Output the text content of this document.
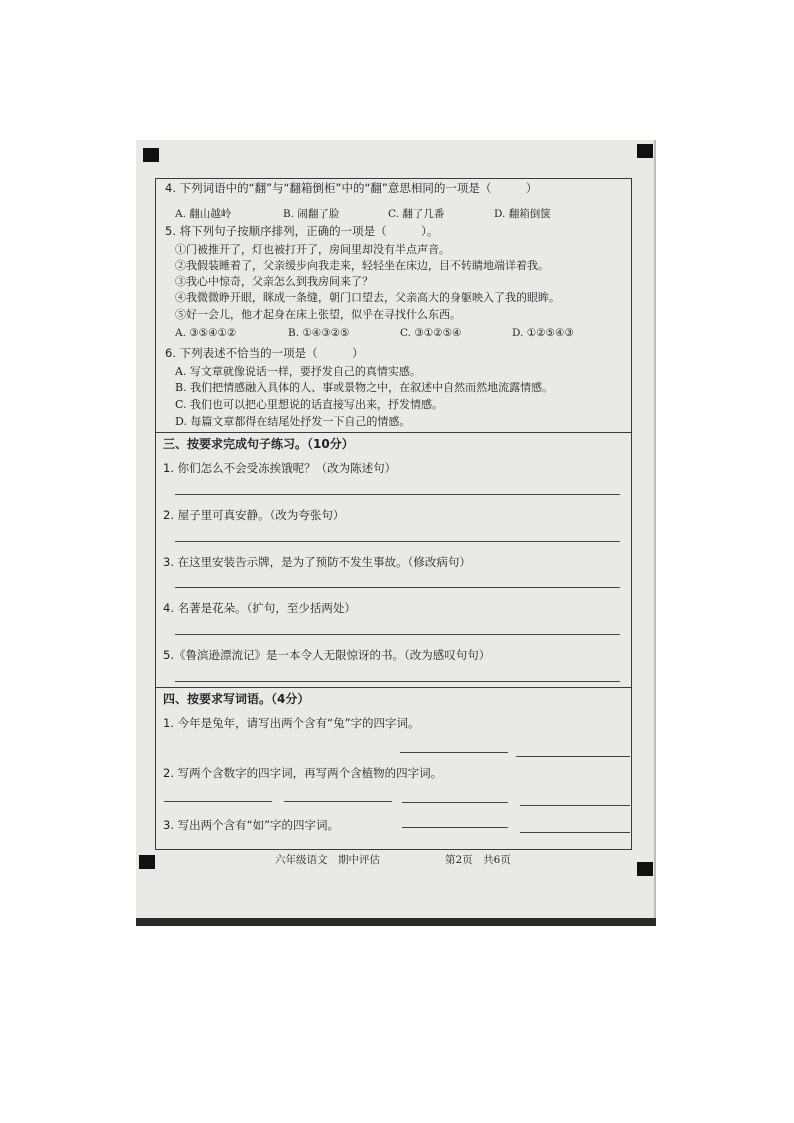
4. 下列词语中的“翻”与“翻箱倒柜”中的“翻”意思相同的一项是（　　　）
A. 翻山越岭	B. 闹翻了脸	C. 翻了几番	D. 翻箱倒箧
5. 将下列句子按顺序排列，正确的一项是（　　　）。
①门被推开了，灯也被打开了，房间里却没有半点声音。
②我假装睡着了，父亲缓步向我走来，轻轻坐在床边，目不转睛地端详着我。
③我心中惊奇，父亲怎么到我房间来了？
④我微微睁开眼，眯成一条缝，朝门口望去，父亲高大的身躯映入了我的眼眸。
⑤好一会儿，他才起身在床上张望，似乎在寻找什么东西。
A. ③⑤④①②	B. ①④③②⑤	C. ③①②⑤④	D. ①②⑤④③
6. 下列表述不恰当的一项是（　　　）
A. 写文章就像说话一样，要抒发自己的真情实感。
B. 我们把情感融入具体的人、事或景物之中，在叙述中自然而然地流露情感。
C. 我们也可以把心里想说的话直接写出来，抒发情感。
D. 每篇文章都得在结尾处抒发一下自己的情感。
三、按要求完成句子练习。（10分）
1. 你们怎么不会受冻挨饿呢？（改为陈述句）
2. 屋子里可真安静。（改为夸张句）
3. 在这里安装告示牌，是为了预防不发生事故。（修改病句）
4. 名著是花朵。（扩句，至少括两处）
5.《鲁滨逊漂流记》是一本令人无限惊讶的书。（改为感叹句句）
四、按要求写词语。（4分）
1. 今年是兔年，请写出两个含有“兔”字的四字词。
2. 写两个含数字的四字词，再写两个含植物的四字词。
3. 写出两个含有“如”字的四字词。
六年级语文　期中评估	第2页　共6页
